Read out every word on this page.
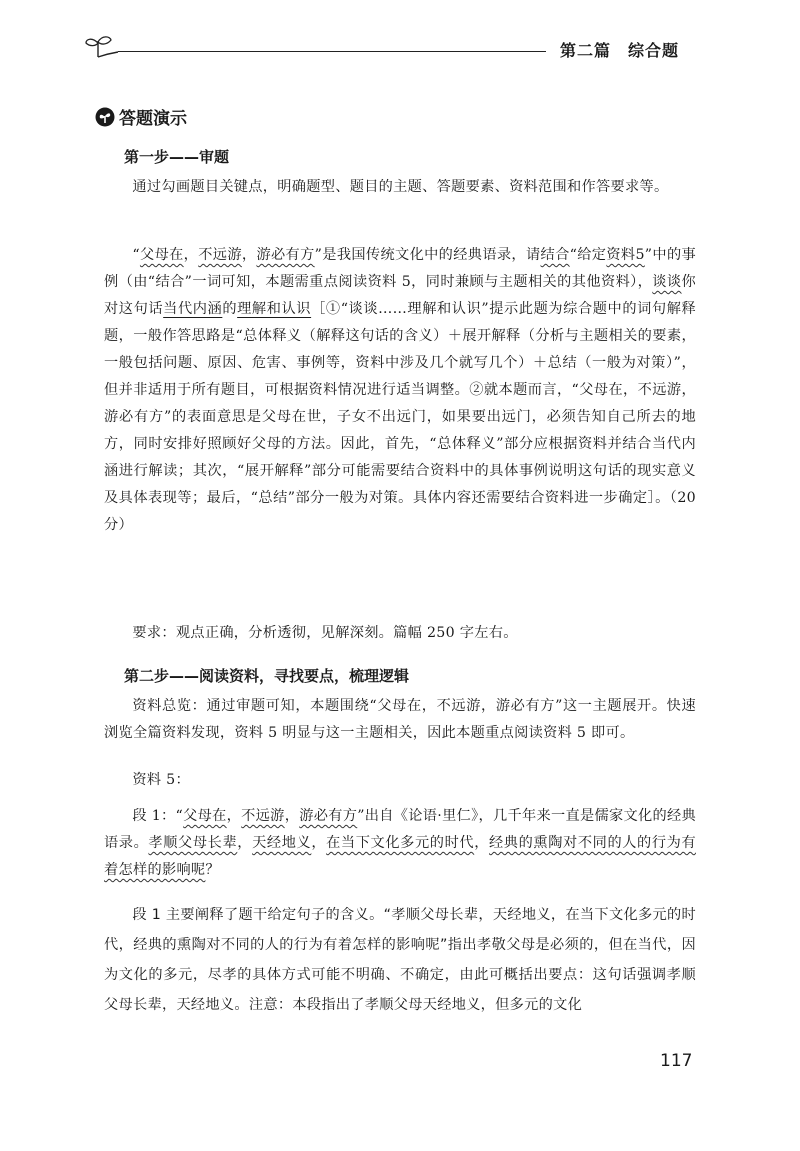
第二篇　综合题
答题演示
第一步——审题
通过勾画题目关键点，明确题型、题目的主题、答题要素、资料范围和作答要求等。
“父母在，不远游，游必有方”是我国传统文化中的经典语录，请结合“给定资料5”中的事例（由“结合”一词可知，本题需重点阅读资料 5，同时兼顾与主题相关的其他资料），谈谈你对这句话当代内涵的理解和认识［①“谈谈……理解和认识”提示此题为综合题中的词句解释题，一般作答思路是“总体释义（解释这句话的含义）＋展开解释（分析与主题相关的要素，一般包括问题、原因、危害、事例等，资料中涉及几个就写几个）＋总结（一般为对策）”，但并非适用于所有题目，可根据资料情况进行适当调整。②就本题而言，“父母在，不远游，游必有方”的表面意思是父母在世，子女不出远门，如果要出远门，必须告知自己所去的地方，同时安排好照顾好父母的方法。因此，首先，“总体释义”部分应根据资料并结合当代内涵进行解读；其次，“展开解释”部分可能需要结合资料中的具体事例说明这句话的现实意义及具体表现等；最后，“总结”部分一般为对策。具体内容还需要结合资料进一步确定］。（20 分）
要求：观点正确，分析透彻，见解深刻。篇幅 250 字左右。
第二步——阅读资料，寻找要点，梳理逻辑
资料总览：通过审题可知，本题围绕“父母在，不远游，游必有方”这一主题展开。快速浏览全篇资料发现，资料 5 明显与这一主题相关，因此本题重点阅读资料 5 即可。
资料 5：
段 1：“父母在，不远游，游必有方”出自《论语·里仁》，几千年来一直是儒家文化的经典语录。孝顺父母长辈，天经地义，在当下文化多元的时代，经典的熏陶对不同的人的行为有着怎样的影响呢？
段 1 主要阐释了题干给定句子的含义。“孝顺父母长辈，天经地义，在当下文化多元的时代，经典的熏陶对不同的人的行为有着怎样的影响呢”指出孝敬父母是必须的，但在当代，因为文化的多元，尽孝的具体方式可能不明确、不确定，由此可概括出要点：这句话强调孝顺父母长辈，天经地义。注意：本段指出了孝顺父母天经地义，但多元的文化
117
